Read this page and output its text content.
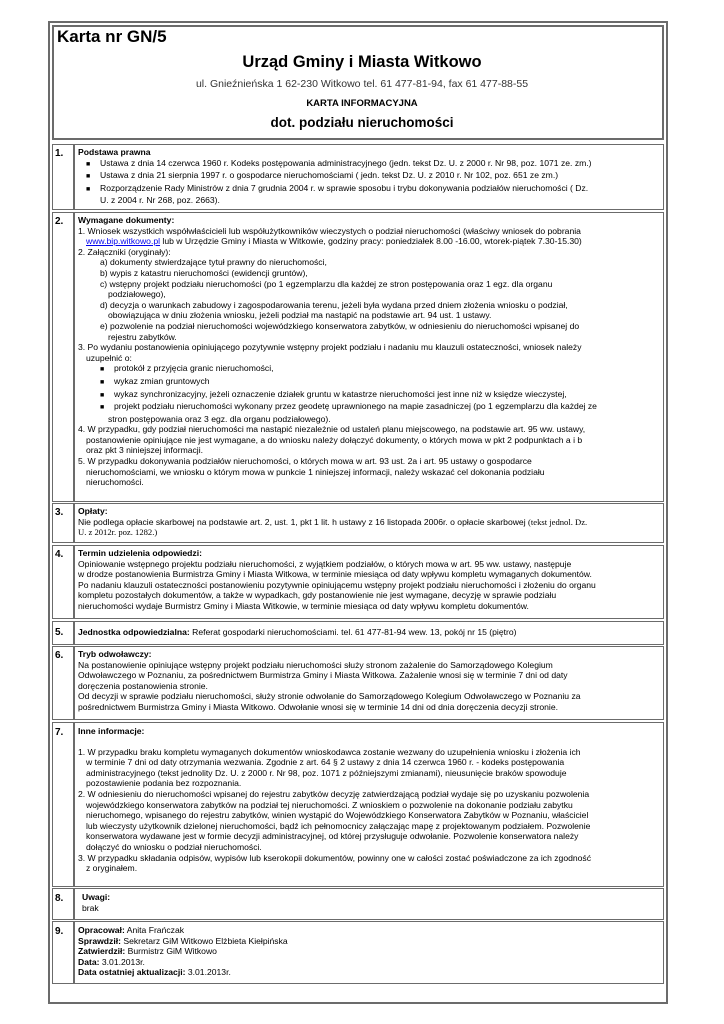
Karta nr GN/5
Urząd Gminy i Miasta Witkowo
ul. Gnieźnieńska 1 62-230 Witkowo tel. 61 477-81-94, fax 61 477-88-55
KARTA INFORMACYJNA
dot. podziału nieruchomości
1. Podstawa prawna
■ Ustawa z dnia 14 czerwca 1960 r. Kodeks postępowania administracyjnego (jedn. tekst Dz. U. z 2000 r. Nr 98, poz. 1071 ze. zm.)
■ Ustawa z dnia 21 sierpnia 1997 r. o gospodarce nieruchomościami ( jedn. tekst Dz. U. z 2010 r. Nr 102, poz. 651 ze zm.)
■ Rozporządzenie Rady Ministrów z dnia 7 grudnia 2004 r. w sprawie sposobu i trybu dokonywania podziałów nieruchomości ( Dz.
U. z 2004 r. Nr 268, poz. 2663).
2. Wymagane dokumenty:
1. Wniosek wszystkich współwłaścicieli lub współużytkowników wieczystych o podział nieruchomości (właściwy wniosek do pobrania
www.bip.witkowo.pl lub w Urzędzie Gminy i Miasta w Witkowie, godziny pracy: poniedziałek 8.00 -16.00, wtorek-piątek 7.30-15.30)
2. Załączniki (oryginały):
a) dokumenty stwierdzające tytuł prawny do nieruchomości,
b) wypis z katastru nieruchomości (ewidencji gruntów),
c) wstępny projekt podziału nieruchomości (po 1 egzemplarzu dla każdej ze stron postępowania oraz 1 egz. dla organu
podziałowego),
d) decyzja o warunkach zabudowy i zagospodarowania terenu, jeżeli była wydana przed dniem złożenia wniosku o podział,
obowiązująca w dniu złożenia wniosku, jeżeli podział ma nastąpić na podstawie art. 94 ust. 1 ustawy.
e) pozwolenie na podział nieruchomości wojewódzkiego konserwatora zabytków, w odniesieniu do nieruchomości wpisanej do
rejestru zabytków.
3. Po wydaniu postanowienia opiniującego pozytywnie wstępny projekt podziału i nadaniu mu klauzuli ostateczności, wniosek należy
uzupełnić o:
■ protokół z przyjęcia granic nieruchomości,
■ wykaz zmian gruntowych
■ wykaz synchronizacyjny, jeżeli oznaczenie działek gruntu w katastrze nieruchomości jest inne niż w księdze wieczystej,
■ projekt podziału nieruchomości wykonany przez geodetę uprawnionego na mapie zasadniczej (po 1 egzemplarzu dla każdej ze
stron postępowania oraz 3 egz. dla organu podziałowego).
4. W przypadku, gdy podział nieruchomości ma nastąpić niezależnie od ustaleń planu miejscowego, na podstawie art. 95 ww. ustawy,
postanowienie opiniujące nie jest wymagane, a do wniosku należy dołączyć dokumenty, o których mowa w pkt 2 podpunktach a i b
oraz pkt 3 niniejszej informacji.
5. W przypadku dokonywania podziałów nieruchomości, o których mowa w art. 93 ust. 2a i art. 95 ustawy o gospodarce
nieruchomościami, we wniosku o którym mowa w punkcie 1 niniejszej informacji, należy wskazać cel dokonania podziału
nieruchomości.
3. Opłaty:
Nie podlega opłacie skarbowej na podstawie art. 2, ust. 1, pkt 1 lit. h ustawy z 16 listopada 2006r. o opłacie skarbowej (tekst jednol. Dz.
U. z 2012r. poz. 1282.)
4. Termin udzielenia odpowiedzi:
Opiniowanie wstępnego projektu podziału nieruchomości, z wyjątkiem podziałów, o których mowa w art. 95 ww. ustawy, następuje
w drodze postanowienia Burmistrza Gminy i Miasta Witkowa, w terminie miesiąca od daty wpływu kompletu wymaganych dokumentów.
Po nadaniu klauzuli ostateczności postanowieniu pozytywnie opiniującemu wstępny projekt podziału nieruchomości i złożeniu do organu
kompletu pozostałych dokumentów, a także w wypadkach, gdy postanowienie nie jest wymagane, decyzję w sprawie podziału
nieruchomości wydaje Burmistrz Gminy i Miasta Witkowie, w terminie miesiąca od daty wpływu kompletu dokumentów.
5. Jednostka odpowiedzialna: Referat gospodarki nieruchomościami. tel. 61 477-81-94 wew. 13, pokój nr 15 (piętro)
6. Tryb odwoławczy:
Na postanowienie opiniujące wstępny projekt podziału nieruchomości służy stronom zażalenie do Samorządowego Kolegium
Odwoławczego w Poznaniu, za pośrednictwem Burmistrza Gminy i Miasta Witkowa. Zażalenie wnosi się w terminie 7 dni od daty
doręczenia postanowienia stronie.
Od decyzji w sprawie podziału nieruchomości, służy stronie odwołanie do Samorządowego Kolegium Odwoławczego w Poznaniu za
pośrednictwem Burmistrza Gminy i Miasta Witkowo. Odwołanie wnosi się w terminie 14 dni od dnia doręczenia decyzji stronie.
7. Inne informacje:
1. W przypadku braku kompletu wymaganych dokumentów wnioskodawca zostanie wezwany do uzupełnienia wniosku i złożenia ich
w terminie 7 dni od daty otrzymania wezwania. Zgodnie z art. 64 § 2 ustawy z dnia 14 czerwca 1960 r. - kodeks postępowania
administracyjnego (tekst jednolity Dz. U. z 2000 r. Nr 98, poz. 1071 z późniejszymi zmianami), nieusunięcie braków spowoduje
pozostawienie podania bez rozpoznania.
2. W odniesieniu do nieruchomości wpisanej do rejestru zabytków decyzję zatwierdzającą podział wydaje się po uzyskaniu pozwolenia
wojewódzkiego konserwatora zabytków na podział tej nieruchomości. Z wnioskiem o pozwolenie na dokonanie podziału zabytku
nieruchomego, wpisanego do rejestru zabytków, winien wystąpić do Wojewódzkiego Konserwatora Zabytków w Poznaniu, właściciel
lub wieczysty użytkownik dzielonej nieruchomości, bądź ich pełnomocnicy załączając mapę z projektowanym podziałem. Pozwolenie
konserwatora wydawane jest w formie decyzji administracyjnej, od której przysługuje odwołanie. Pozwolenie konserwatora należy
dołączyć do wniosku o podział nieruchomości.
3. W przypadku składania odpisów, wypisów lub kserokopii dokumentów, powinny one w całości zostać poświadczone za ich zgodność
z oryginałem.
8. Uwagi:
brak
9. Opracował: Anita Frańczak
Sprawdził: Sekretarz GiM Witkowo Elżbieta Kiełpińska
Zatwierdził: Burmistrz GiM Witkowo
Data: 3.01.2013r.
Data ostatniej aktualizacji: 3.01.2013r.
